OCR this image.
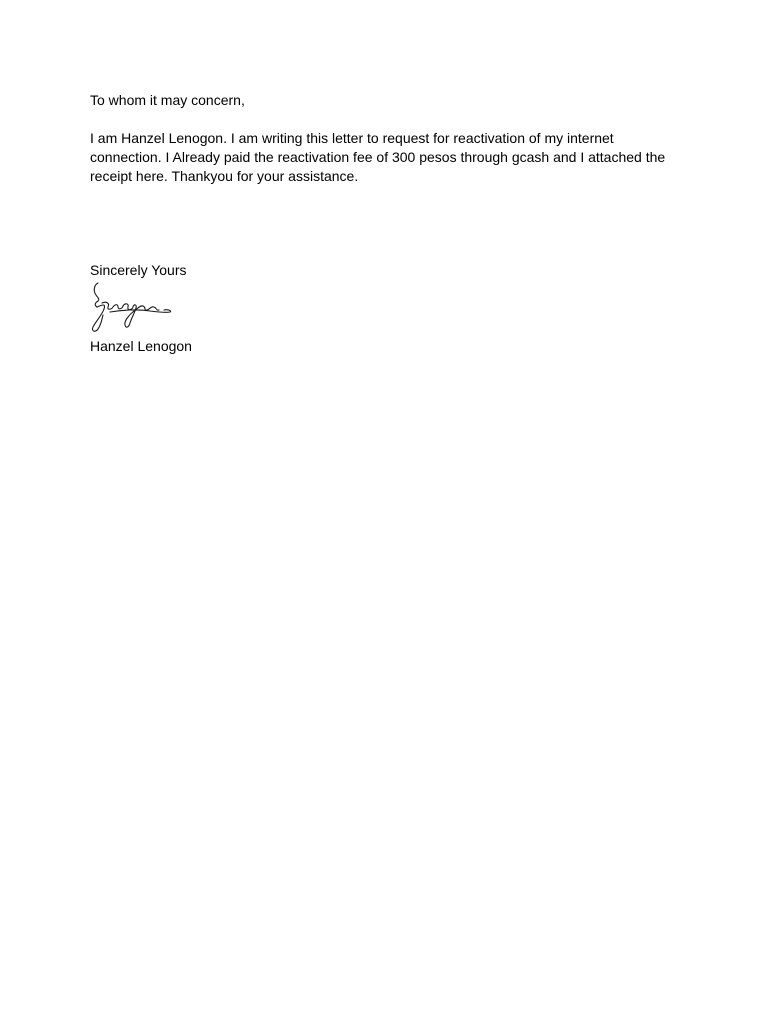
To whom it may concern,

I am Hanzel Lenogon. I am writing this letter to request for reactivation of my internet connection. I Already paid the reactivation fee of 300 pesos through gcash and I attached the receipt here. Thankyou for your assistance.

Sincerely Yours

Hanzel Lenogon
